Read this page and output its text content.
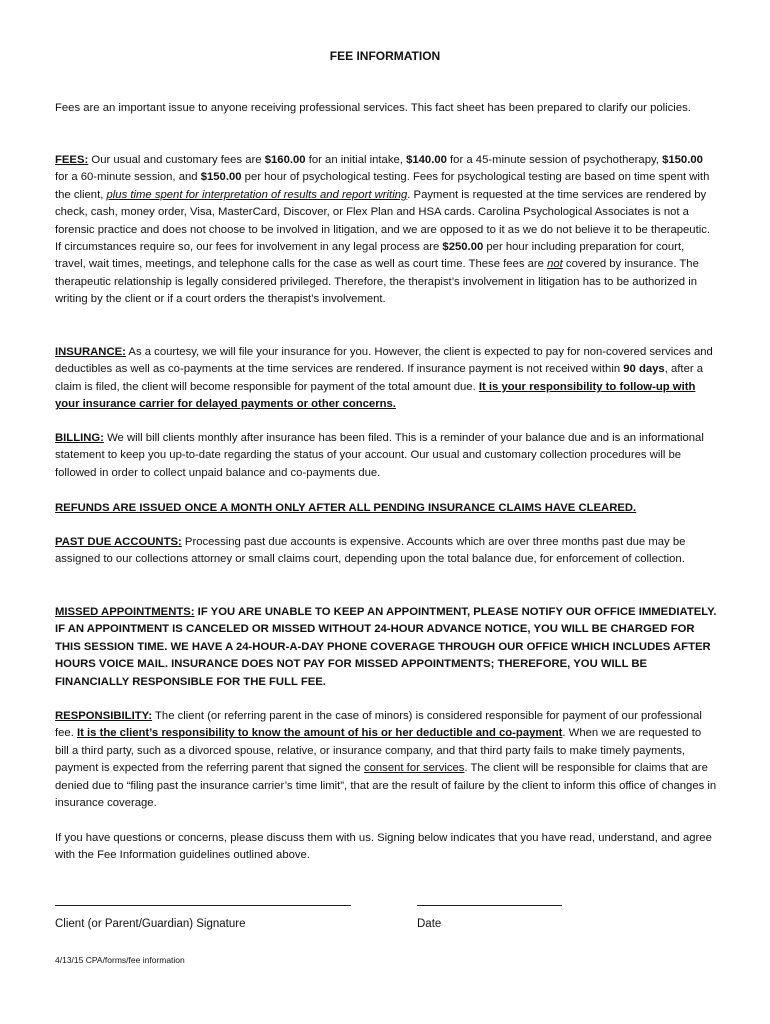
FEE INFORMATION

Fees are an important issue to anyone receiving professional services. This fact sheet has been prepared to clarify our policies.

FEES: Our usual and customary fees are $160.00 for an initial intake, $140.00 for a 45-minute session of psychotherapy, $150.00 for a 60-minute session, and $150.00 per hour of psychological testing. Fees for psychological testing are based on time spent with the client, plus time spent for interpretation of results and report writing. Payment is requested at the time services are rendered by check, cash, money order, Visa, MasterCard, Discover, or Flex Plan and HSA cards. Carolina Psychological Associates is not a forensic practice and does not choose to be involved in litigation, and we are opposed to it as we do not believe it to be therapeutic. If circumstances require so, our fees for involvement in any legal process are $250.00 per hour including preparation for court, travel, wait times, meetings, and telephone calls for the case as well as court time. These fees are not covered by insurance. The therapeutic relationship is legally considered privileged. Therefore, the therapist’s involvement in litigation has to be authorized in writing by the client or if a court orders the therapist’s involvement.

INSURANCE: As a courtesy, we will file your insurance for you. However, the client is expected to pay for non-covered services and deductibles as well as co-payments at the time services are rendered. If insurance payment is not received within 90 days, after a claim is filed, the client will become responsible for payment of the total amount due. It is your responsibility to follow-up with your insurance carrier for delayed payments or other concerns.

BILLING: We will bill clients monthly after insurance has been filed. This is a reminder of your balance due and is an informational statement to keep you up-to-date regarding the status of your account. Our usual and customary collection procedures will be followed in order to collect unpaid balance and co-payments due.

REFUNDS ARE ISSUED ONCE A MONTH ONLY AFTER ALL PENDING INSURANCE CLAIMS HAVE CLEARED.

PAST DUE ACCOUNTS: Processing past due accounts is expensive. Accounts which are over three months past due may be assigned to our collections attorney or small claims court, depending upon the total balance due, for enforcement of collection.

MISSED APPOINTMENTS: IF YOU ARE UNABLE TO KEEP AN APPOINTMENT, PLEASE NOTIFY OUR OFFICE IMMEDIATELY. IF AN APPOINTMENT IS CANCELED OR MISSED WITHOUT 24-HOUR ADVANCE NOTICE, YOU WILL BE CHARGED FOR THIS SESSION TIME. WE HAVE A 24-HOUR-A-DAY PHONE COVERAGE THROUGH OUR OFFICE WHICH INCLUDES AFTER HOURS VOICE MAIL. INSURANCE DOES NOT PAY FOR MISSED APPOINTMENTS; THEREFORE, YOU WILL BE FINANCIALLY RESPONSIBLE FOR THE FULL FEE.

RESPONSIBILITY: The client (or referring parent in the case of minors) is considered responsible for payment of our professional fee. It is the client’s responsibility to know the amount of his or her deductible and co-payment. When we are requested to bill a third party, such as a divorced spouse, relative, or insurance company, and that third party fails to make timely payments, payment is expected from the referring parent that signed the consent for services. The client will be responsible for claims that are denied due to “filing past the insurance carrier’s time limit”, that are the result of failure by the client to inform this office of changes in insurance coverage.

If you have questions or concerns, please discuss them with us. Signing below indicates that you have read, understand, and agree with the Fee Information guidelines outlined above.

Client (or Parent/Guardian) Signature	Date
4/13/15 CPA/forms/fee information
